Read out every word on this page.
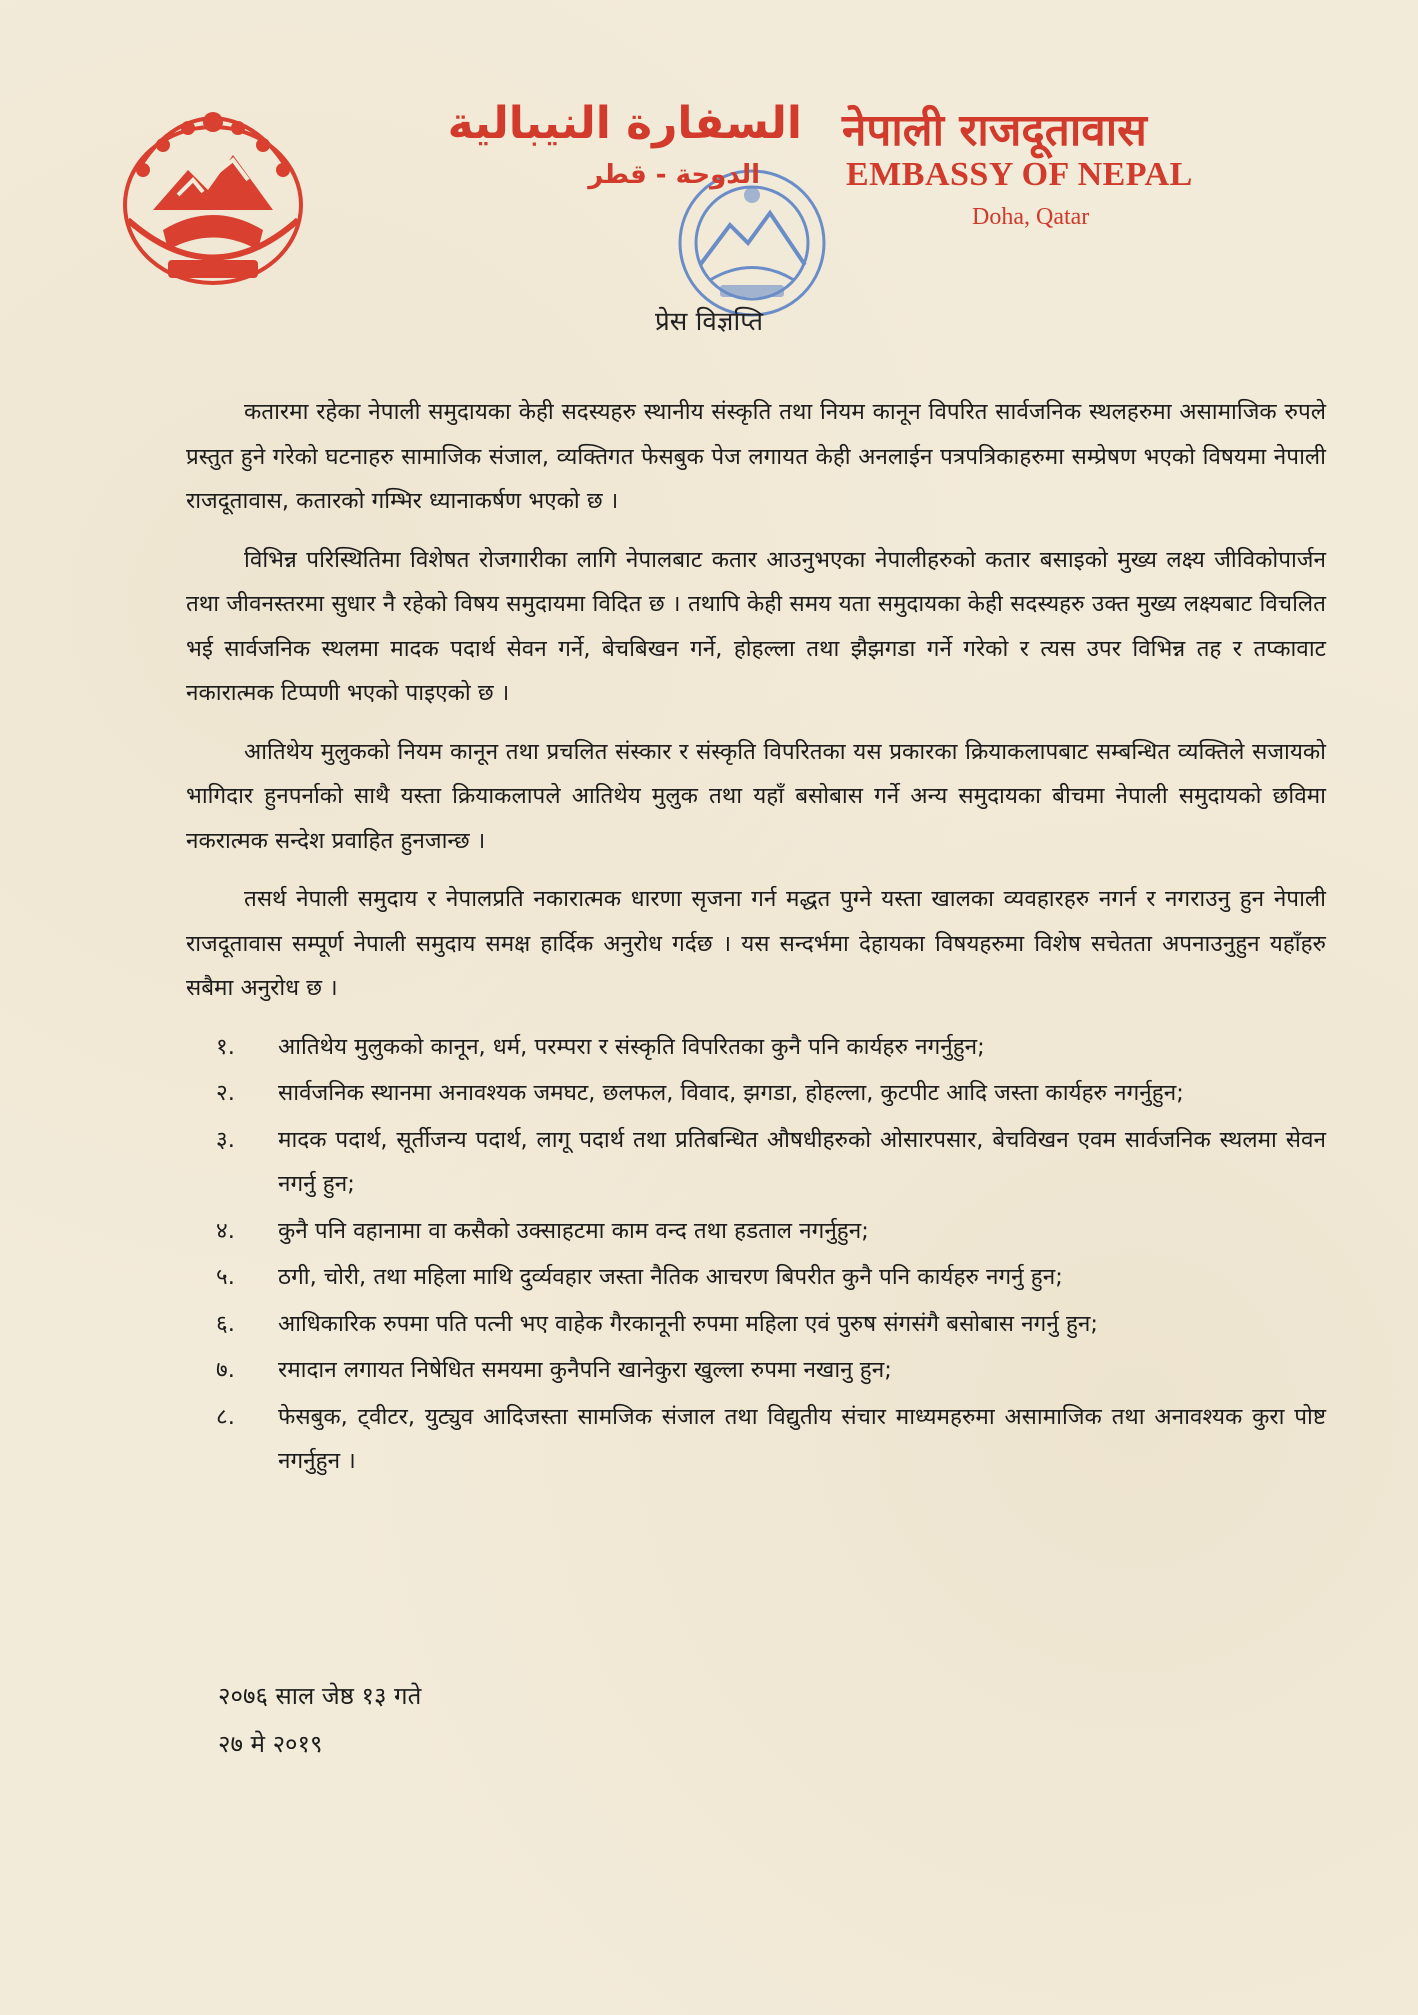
السفارة النيبالية
الدوحة - قطر
नेपाली राजदूतावास
EMBASSY OF NEPAL
Doha, Qatar
प्रेस विज्ञप्ति

कतारमा रहेका नेपाली समुदायका केही सदस्यहरु स्थानीय संस्कृति तथा नियम कानून विपरित सार्वजनिक स्थलहरुमा असामाजिक रुपले प्रस्तुत हुने गरेको घटनाहरु सामाजिक संजाल, व्यक्तिगत फेसबुक पेज लगायत केही अनलाईन पत्रपत्रिकाहरुमा सम्प्रेषण भएको विषयमा नेपाली राजदूतावास, कतारको गम्भिर ध्यानाकर्षण भएको छ ।

विभिन्न परिस्थितिमा विशेषत रोजगारीका लागि नेपालबाट कतार आउनुभएका नेपालीहरुको कतार बसाइको मुख्य लक्ष्य जीविकोपार्जन तथा जीवनस्तरमा सुधार नै रहेको विषय समुदायमा विदित छ । तथापि केही समय यता समुदायका केही सदस्यहरु उक्त मुख्य लक्ष्यबाट विचलित भई सार्वजनिक स्थलमा मादक पदार्थ सेवन गर्ने, बेचबिखन गर्ने, होहल्ला तथा झैझगडा गर्ने गरेको र त्यस उपर विभिन्न तह र तप्कावाट नकारात्मक टिप्पणी भएको पाइएको छ ।

आतिथेय मुलुकको नियम कानून तथा प्रचलित संस्कार र संस्कृति विपरितका यस प्रकारका क्रियाकलापबाट सम्बन्धित व्यक्तिले सजायको भागिदार हुनपर्नाको साथै यस्ता क्रियाकलापले आतिथेय मुलुक तथा यहाँ बसोबास गर्ने अन्य समुदायका बीचमा नेपाली समुदायको छविमा नकरात्मक सन्देश प्रवाहित हुनजान्छ ।

तसर्थ नेपाली समुदाय र नेपालप्रति नकारात्मक धारणा सृजना गर्न मद्धत पुग्ने यस्ता खालका व्यवहारहरु नगर्न र नगराउनु हुन नेपाली राजदूतावास सम्पूर्ण नेपाली समुदाय समक्ष हार्दिक अनुरोध गर्दछ । यस सन्दर्भमा देहायका विषयहरुमा विशेष सचेतता अपनाउनुहुन यहाँहरु सबैमा अनुरोध छ ।

१. आतिथेय मुलुकको कानून, धर्म, परम्परा र संस्कृति विपरितका कुनै पनि कार्यहरु नगर्नुहुन;
२. सार्वजनिक स्थानमा अनावश्यक जमघट, छलफल, विवाद, झगडा, होहल्ला, कुटपीट आदि जस्ता कार्यहरु नगर्नुहुन;
३. मादक पदार्थ, सूर्तीजन्य पदार्थ, लागू पदार्थ तथा प्रतिबन्धित औषधीहरुको ओसारपसार, बेचविखन एवम सार्वजनिक स्थलमा सेवन नगर्नु हुन;
४. कुनै पनि वहानामा वा कसैको उक्साहटमा काम वन्द तथा हडताल नगर्नुहुन;
५. ठगी, चोरी, तथा महिला माथि दुर्व्यवहार जस्ता नैतिक आचरण बिपरीत कुनै पनि कार्यहरु नगर्नु हुन;
६. आधिकारिक रुपमा पति पत्नी भए वाहेक गैरकानूनी रुपमा महिला एवं पुरुष संगसंगै बसोबास नगर्नु हुन;
७. रमादान लगायत निषेधित समयमा कुनैपनि खानेकुरा खुल्ला रुपमा नखानु हुन;
८. फेसबुक, ट्वीटर, युट्युव आदिजस्ता सामजिक संजाल तथा विद्युतीय संचार माध्यमहरुमा असामाजिक तथा अनावश्यक कुरा पोष्ट नगर्नुहुन ।
२०७६ साल जेष्ठ १३ गते
२७ मे २०१९
